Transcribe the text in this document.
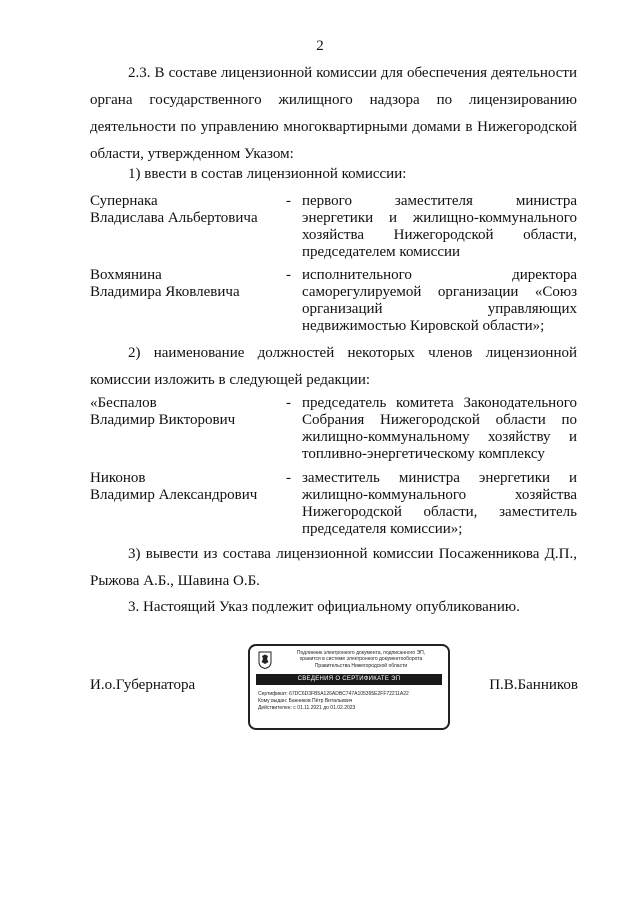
2
2.3. В составе лицензионной комиссии для обеспечения деятельности
органа государственного жилищного надзора по лицензированию
деятельности по управлению многоквартирными домами в Нижегородской
области, утвержденном Указом:
1) ввести в состав лицензионной комиссии:
Супернака
Владислава Альбертовича
- первого заместителя министра
энергетики и жилищно-коммунального
хозяйства Нижегородской области,
председателем комиссии
Вохмянина
Владимира Яковлевича
- исполнительного директора
саморегулируемой организации «Союз
организаций управляющих
недвижимостью Кировской области»;
2) наименование должностей некоторых членов лицензионной
комиссии изложить в следующей редакции:
«Беспалов
Владимир Викторович
- председатель комитета Законодательного
Собрания Нижегородской области по
жилищно-коммунальному хозяйству и
топливно-энергетическому комплексу
Никонов
Владимир Александрович
- заместитель министра энергетики и
жилищно-коммунального хозяйства
Нижегородской области, заместитель
председателя комиссии»;
3) вывести из состава лицензионной комиссии Посаженникова Д.П.,
Рыжова А.Б., Шавина О.Б.
3. Настоящий Указ подлежит официальному опубликованию.
И.о.Губернатора	П.В.Банников
Подлинник электронного документа, подписанного ЭП,
хранится в системе электронного документооборота
Правительства Нижегородской области
СВЕДЕНИЯ О СЕРТИФИКАТЕ ЭП
Сертификат: 67DC6D3FB5A126ADBC747A105395E2FF72211A22
Кому выдан: Банников Пётр Витальевич
Действителен: с 01.11.2021 до 01.02.2023
